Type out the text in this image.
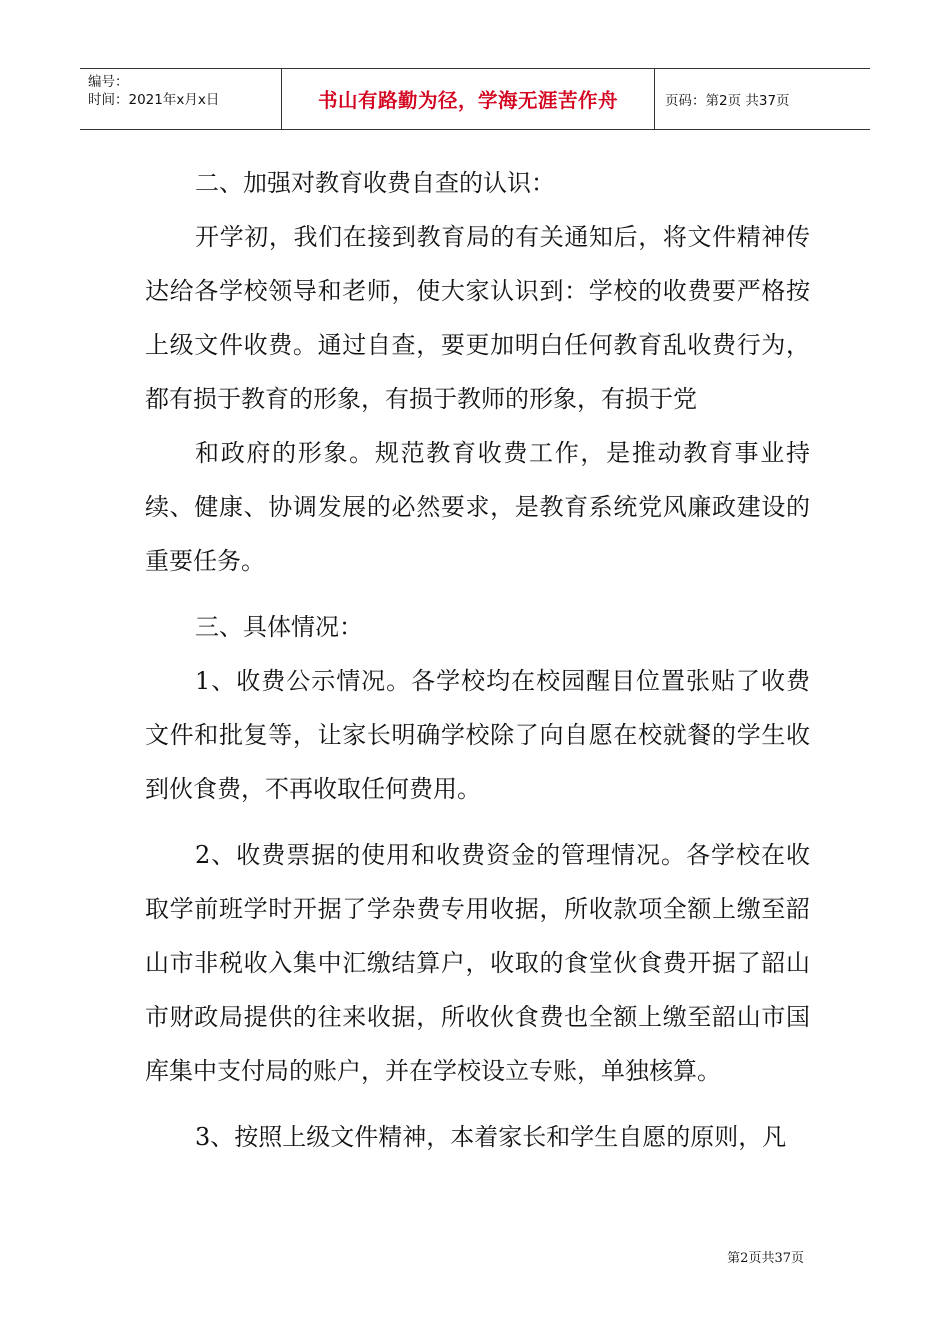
编号：
时间：2021年x月x日	书山有路勤为径，学海无涯苦作舟	页码：第2页 共37页

二、加强对教育收费自查的认识：

开学初，我们在接到教育局的有关通知后，将文件精神传达给各学校领导和老师，使大家认识到：学校的收费要严格按上级文件收费。通过自查，要更加明白任何教育乱收费行为，都有损于教育的形象，有损于教师的形象，有损于党

和政府的形象。规范教育收费工作，是推动教育事业持续、健康、协调发展的必然要求，是教育系统党风廉政建设的重要任务。

三、具体情况：

1、收费公示情况。各学校均在校园醒目位置张贴了收费文件和批复等，让家长明确学校除了向自愿在校就餐的学生收到伙食费，不再收取任何费用。

2、收费票据的使用和收费资金的管理情况。各学校在收取学前班学时开据了学杂费专用收据，所收款项全额上缴至韶山市非税收入集中汇缴结算户，收取的食堂伙食费开据了韶山市财政局提供的往来收据，所收伙食费也全额上缴至韶山市国库集中支付局的账户，并在学校设立专账，单独核算。

3、按照上级文件精神，本着家长和学生自愿的原则，凡

第2页共37页
